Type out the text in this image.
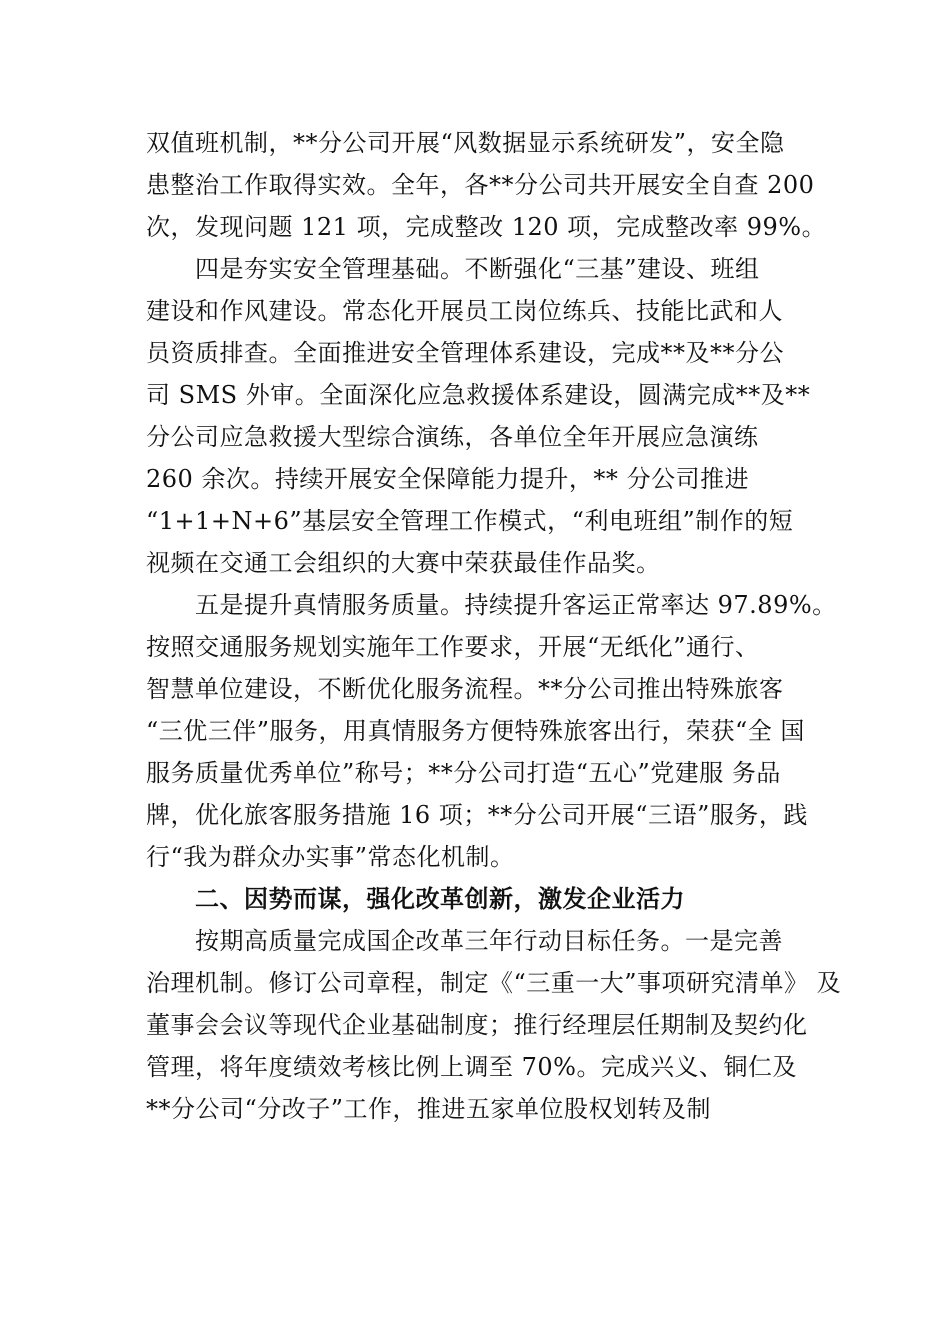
双值班机制，**分公司开展“风数据显示系统研发”，安全隐
患整治工作取得实效。全年，各**分公司共开展安全自查 200
次，发现问题 121 项，完成整改 120 项，完成整改率 99%。
四是夯实安全管理基础。不断强化“三基”建设、班组
建设和作风建设。常态化开展员工岗位练兵、技能比武和人
员资质排查。全面推进安全管理体系建设，完成**及**分公
司 SMS 外审。全面深化应急救援体系建设，圆满完成**及**
分公司应急救援大型综合演练，各单位全年开展应急演练
260 余次。持续开展安全保障能力提升，** 分公司推进
“1+1+N+6”基层安全管理工作模式，“利电班组”制作的短
视频在交通工会组织的大赛中荣获最佳作品奖。
五是提升真情服务质量。持续提升客运正常率达 97.89%。
按照交通服务规划实施年工作要求，开展“无纸化”通行、
智慧单位建设，不断优化服务流程。**分公司推出特殊旅客
“三优三伴”服务，用真情服务方便特殊旅客出行，荣获“全 国
服务质量优秀单位”称号；**分公司打造“五心”党建服 务品
牌，优化旅客服务措施 16 项；**分公司开展“三语”服务，践
行“我为群众办实事”常态化机制。
二、因势而谋，强化改革创新，激发企业活力
按期高质量完成国企改革三年行动目标任务。一是完善
治理机制。修订公司章程，制定《“三重一大”事项研究清单》 及
董事会会议等现代企业基础制度；推行经理层任期制及契约化
管理，将年度绩效考核比例上调至 70%。完成兴义、铜仁及
**分公司“分改子”工作，推进五家单位股权划转及制
